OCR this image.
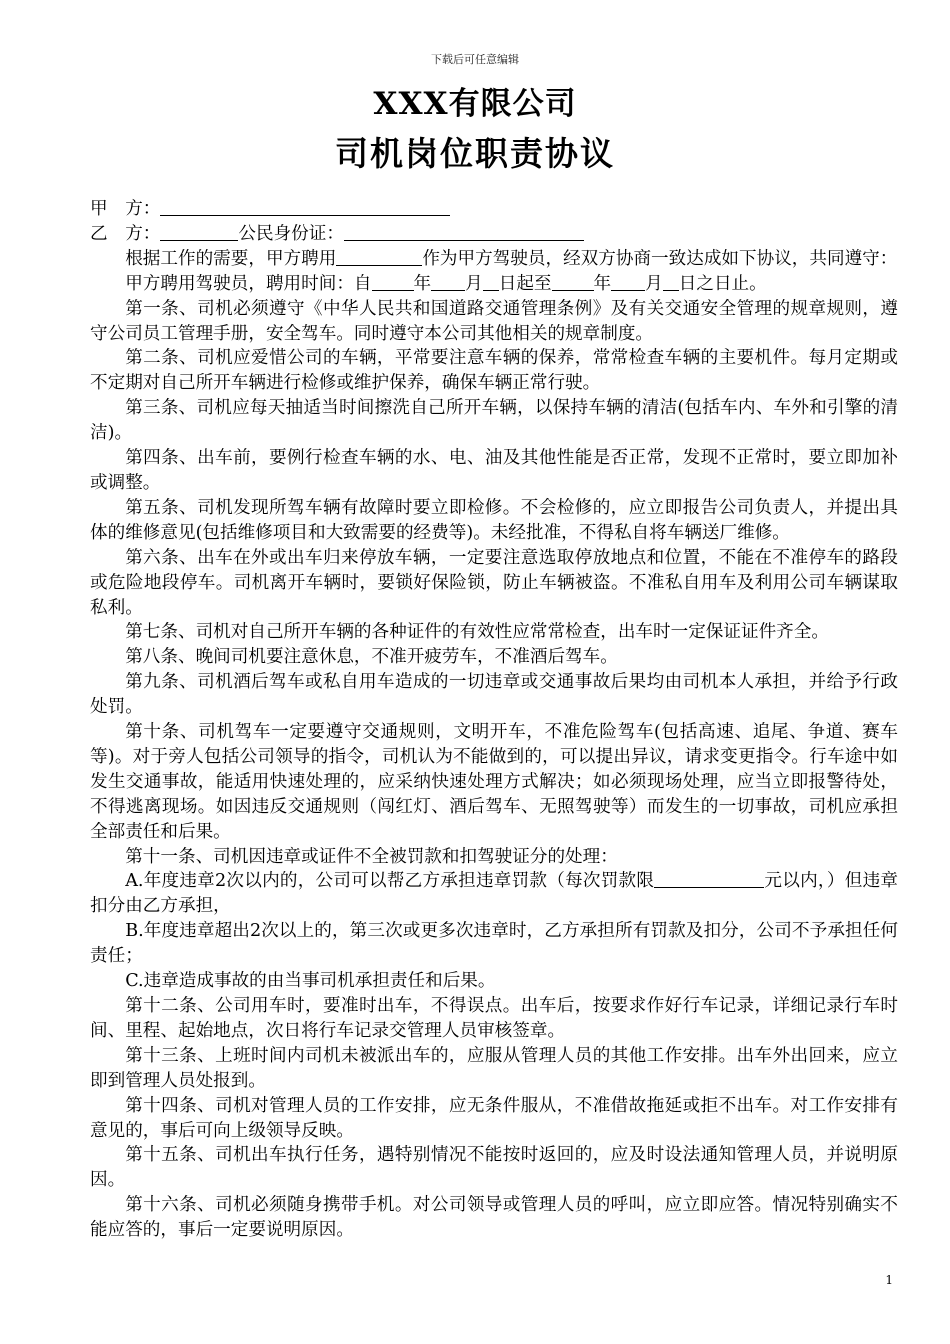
下载后可任意编辑
XXX有限公司
司机岗位职责协议

甲　方：

乙　方：	公民身份证：

根据工作的需要，甲方聘用	作为甲方驾驶员，经双方协商一致达成如下协议，共同遵守：

甲方聘用驾驶员，聘用时间：自 年 月 日起至 年 月 日之日止。

第一条、司机必须遵守《中华人民共和国道路交通管理条例》及有关交通安全管理的规章规则，遵守公司员工管理手册，安全驾车。同时遵守本公司其他相关的规章制度。

第二条、司机应爱惜公司的车辆，平常要注意车辆的保养，常常检查车辆的主要机件。每月定期或不定期对自己所开车辆进行检修或维护保养，确保车辆正常行驶。

第三条、司机应每天抽适当时间擦洗自己所开车辆，以保持车辆的清洁(包括车内、车外和引擎的清洁)。

第四条、出车前，要例行检查车辆的水、电、油及其他性能是否正常，发现不正常时，要立即加补或调整。

第五条、司机发现所驾车辆有故障时要立即检修。不会检修的，应立即报告公司负责人，并提出具体的维修意见(包括维修项目和大致需要的经费等)。未经批准，不得私自将车辆送厂维修。

第六条、出车在外或出车归来停放车辆，一定要注意选取停放地点和位置，不能在不准停车的路段或危险地段停车。司机离开车辆时，要锁好保险锁，防止车辆被盗。不准私自用车及利用公司车辆谋取私利。

第七条、司机对自己所开车辆的各种证件的有效性应常常检查，出车时一定保证证件齐全。

第八条、晚间司机要注意休息，不准开疲劳车，不准酒后驾车。

第九条、司机酒后驾车或私自用车造成的一切违章或交通事故后果均由司机本人承担，并给予行政处罚。

第十条、司机驾车一定要遵守交通规则，文明开车，不准危险驾车(包括高速、追尾、争道、赛车等)。对于旁人包括公司领导的指令，司机认为不能做到的，可以提出异议，请求变更指令。行车途中如发生交通事故，能适用快速处理的，应采纳快速处理方式解决；如必须现场处理，应当立即报警待处，不得逃离现场。如因违反交通规则（闯红灯、酒后驾车、无照驾驶等）而发生的一切事故，司机应承担全部责任和后果。

第十一条、司机因违章或证件不全被罚款和扣驾驶证分的处理：

A.年度违章2次以内的，公司可以帮乙方承担违章罚款（每次罚款限	元以内，）但违章扣分由乙方承担，

B.年度违章超出2次以上的，第三次或更多次违章时，乙方承担所有罚款及扣分，公司不予承担任何责任；

C.违章造成事故的由当事司机承担责任和后果。

第十二条、公司用车时，要准时出车，不得误点。出车后，按要求作好行车记录，详细记录行车时间、里程、起始地点，次日将行车记录交管理人员审核签章。

第十三条、上班时间内司机未被派出车的，应服从管理人员的其他工作安排。出车外出回来，应立即到管理人员处报到。

第十四条、司机对管理人员的工作安排，应无条件服从，不准借故拖延或拒不出车。对工作安排有意见的，事后可向上级领导反映。

第十五条、司机出车执行任务，遇特别情况不能按时返回的，应及时设法通知管理人员，并说明原因。

第十六条、司机必须随身携带手机。对公司领导或管理人员的呼叫，应立即应答。情况特别确实不能应答的，事后一定要说明原因。

1
